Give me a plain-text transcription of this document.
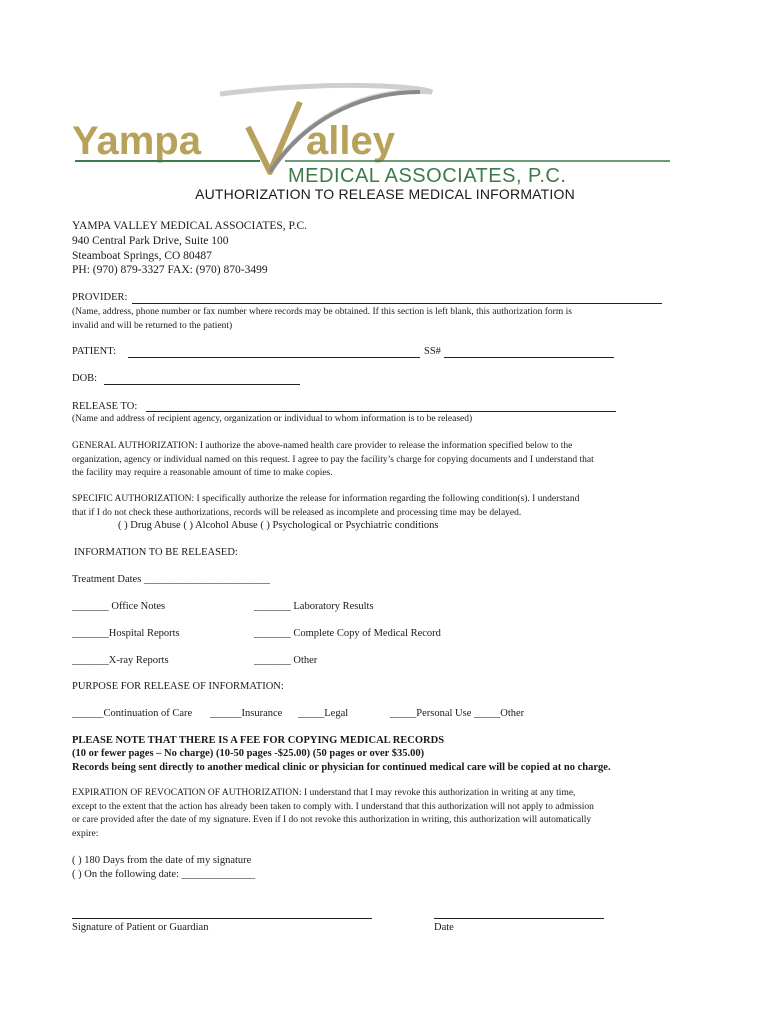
Yampa	alley
MEDICAL ASSOCIATES, P.C.
AUTHORIZATION TO RELEASE MEDICAL INFORMATION
YAMPA VALLEY MEDICAL ASSOCIATES, P.C.
940 Central Park Drive, Suite 100
Steamboat Springs, CO 80487
PH: (970) 879-3327 FAX: (970) 870-3499
PROVIDER:
(Name, address, phone number or fax number where records may be obtained. If this section is left blank, this authorization form is
invalid and will be returned to the patient)
PATIENT:	SS#
DOB:
RELEASE TO:
(Name and address of recipient agency, organization or individual to whom information is to be released)
GENERAL AUTHORIZATION: I authorize the above-named health care provider to release the information specified below to the
organization, agency or individual named on this request. I agree to pay the facility’s charge for copying documents and I understand that
the facility may require a reasonable amount of time to make copies.
SPECIFIC AUTHORIZATION: I specifically authorize the release for information regarding the following condition(s). I understand
that if I do not check these authorizations, records will be released as incomplete and processing time may be delayed.
( ) Drug Abuse ( ) Alcohol Abuse ( ) Psychological or Psychiatric conditions
INFORMATION TO BE RELEASED:
Treatment Dates ________________________
_______ Office Notes	_______ Laboratory Results
_______Hospital Reports	_______ Complete Copy of Medical Record
_______X-ray Reports	_______ Other
PURPOSE FOR RELEASE OF INFORMATION:
______Continuation of Care ______Insurance _____Legal	_____Personal Use _____Other
PLEASE NOTE THAT THERE IS A FEE FOR COPYING MEDICAL RECORDS
(10 or fewer pages – No charge) (10-50 pages -$25.00) (50 pages or over $35.00)
Records being sent directly to another medical clinic or physician for continued medical care will be copied at no charge.
EXPIRATION OF REVOCATION OF AUTHORIZATION: I understand that I may revoke this authorization in writing at any time,
except to the extent that the action has already been taken to comply with. I understand that this authorization will not apply to admission
or care provided after the date of my signature. Even if I do not revoke this authorization in writing, this authorization will automatically
expire:
( ) 180 Days from the date of my signature
( ) On the following date: ______________
Signature of Patient or Guardian	Date
